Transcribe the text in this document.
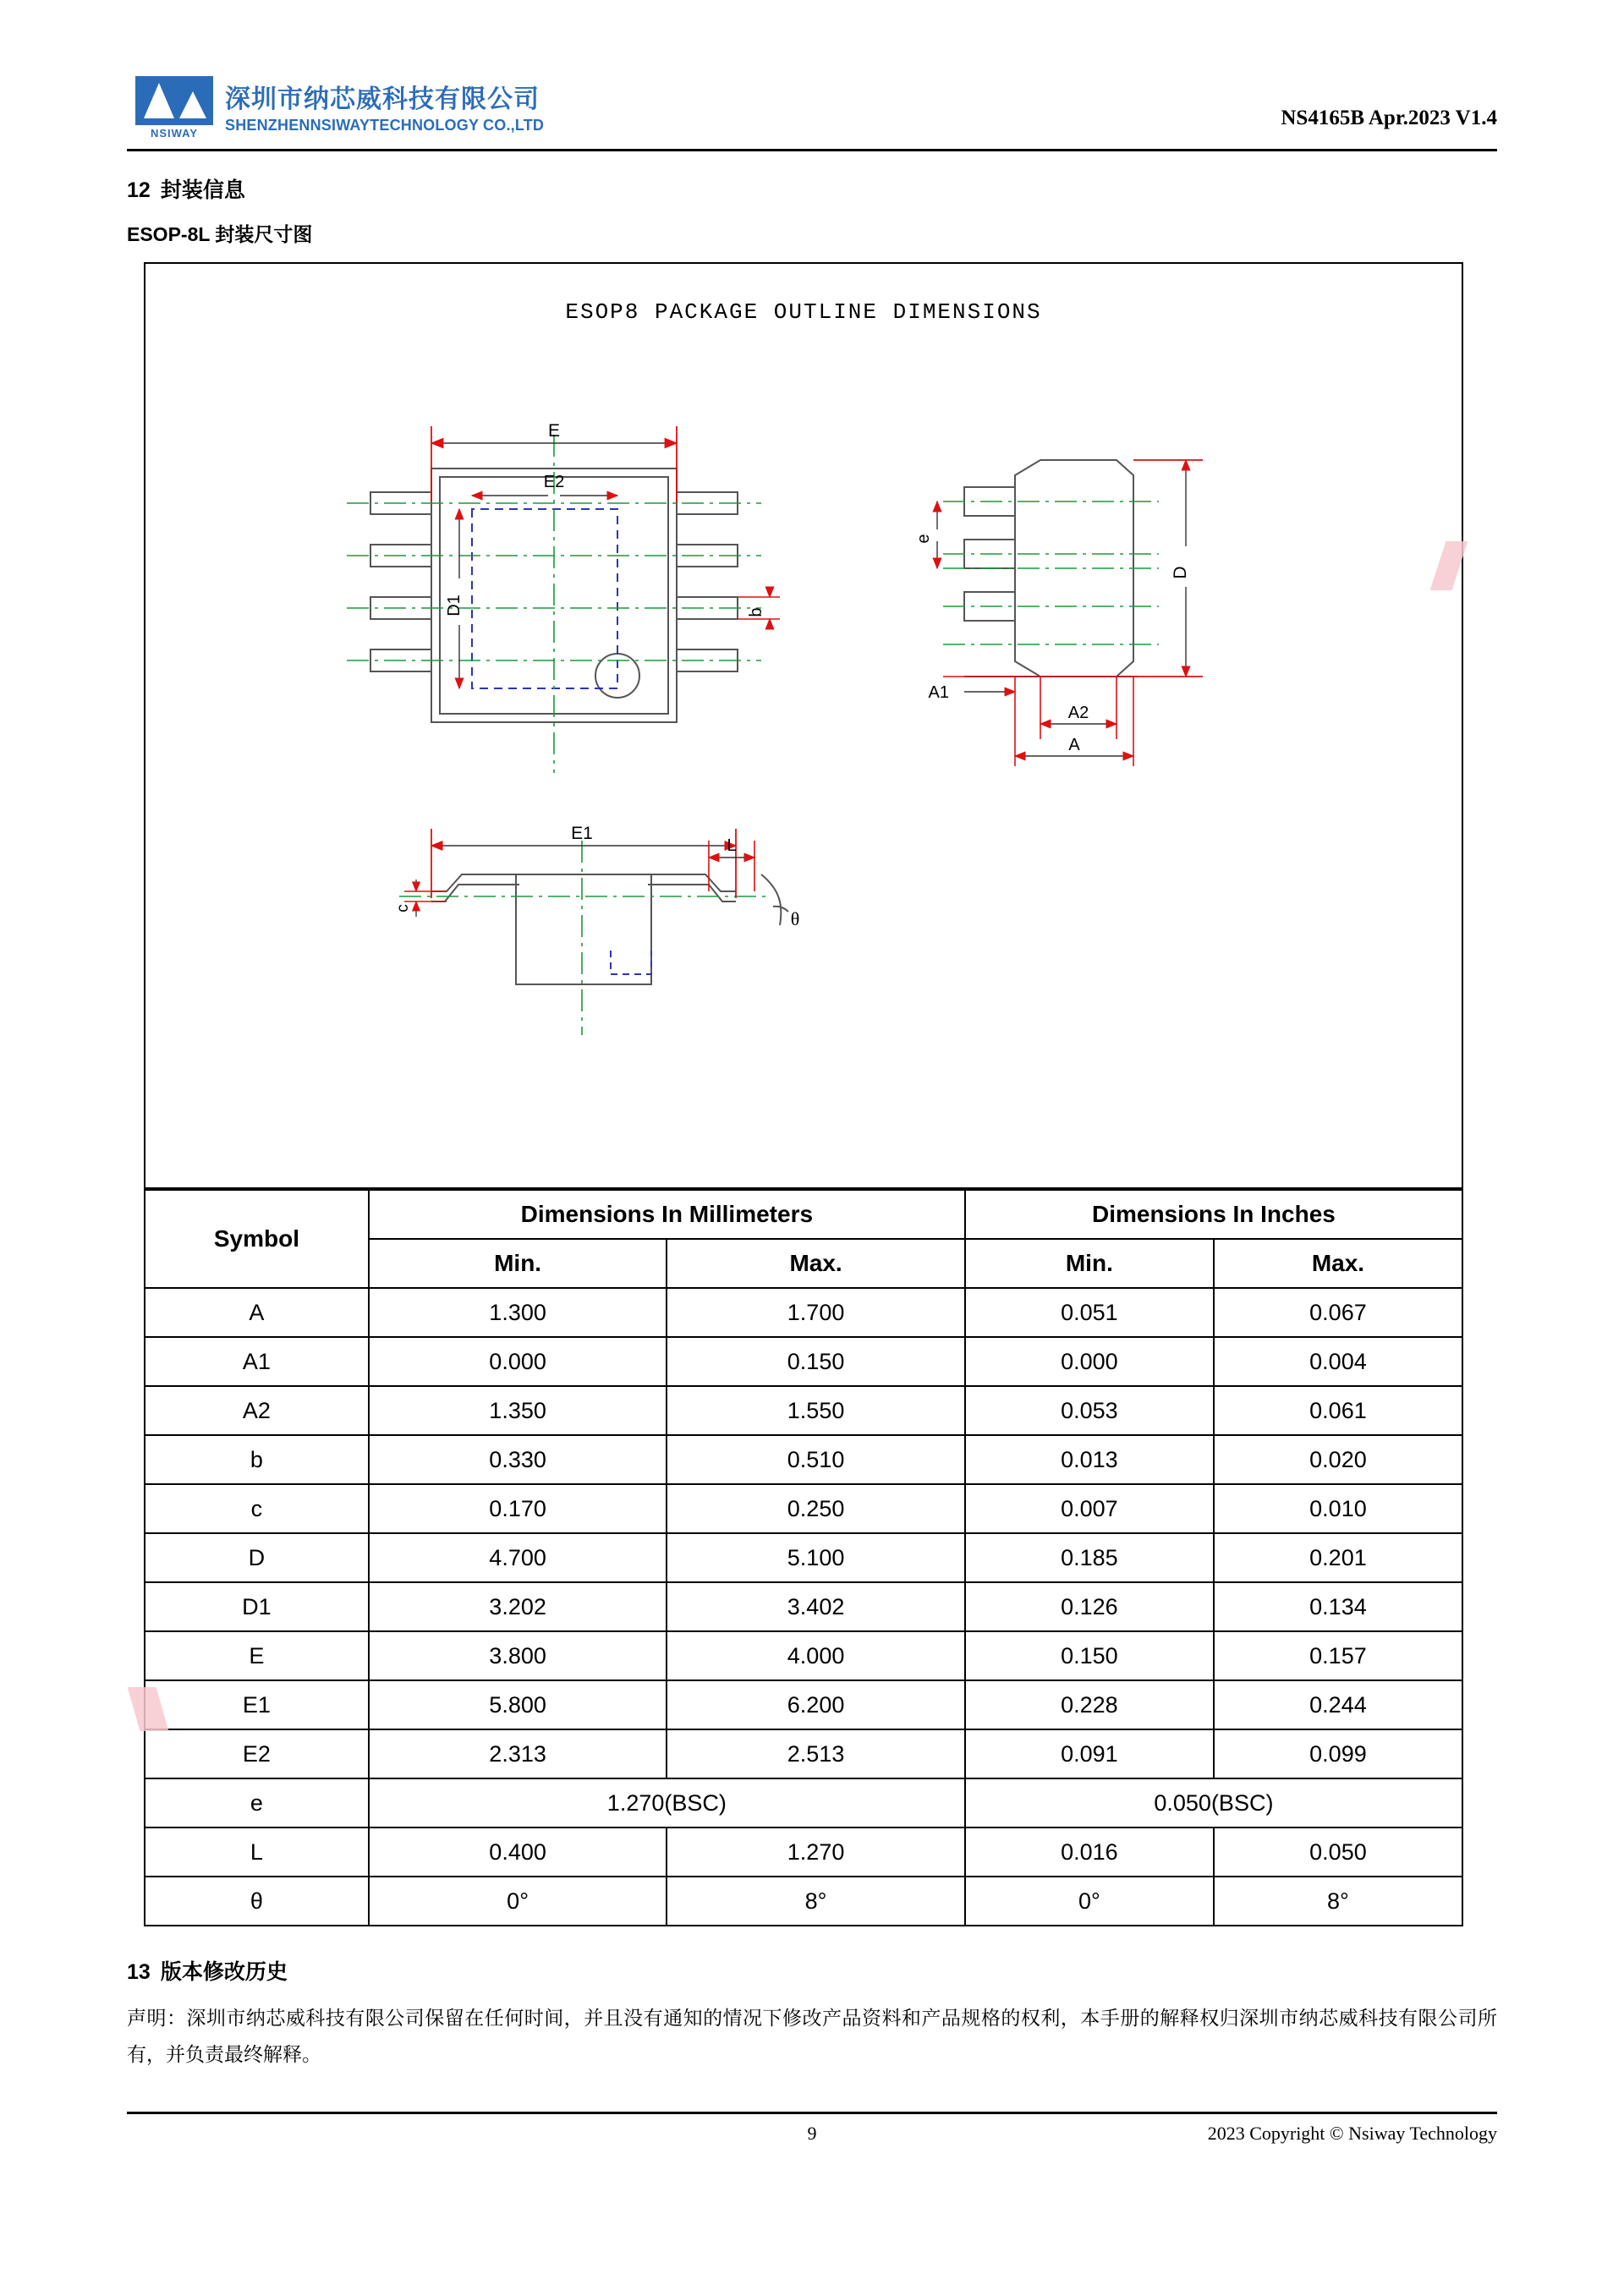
NSIWAY
深圳市纳芯威科技有限公司
SHENZHENNSIWAYTECHNOLOGY CO.,LTD	NS4165B Apr.2023 V1.4
12 封装信息
ESOP-8L 封装尺寸图
ESOP8 PACKAGE OUTLINE DIMENSIONS
E
E2
D1	b
e
D
A1
A2
A
E1
L
c	θ
Symbol	Dimensions In Millimeters		Dimensions In Inches	
	Min.	Max.	Min.	Max.
A	1.300	1.700	0.051	0.067
A1	0.000	0.150	0.000	0.004
A2	1.350	1.550	0.053	0.061
b	0.330	0.510	0.013	0.020
c	0.170	0.250	0.007	0.010
D	4.700	5.100	0.185	0.201
D1	3.202	3.402	0.126	0.134
E	3.800	4.000	0.150	0.157
E1	5.800	6.200	0.228	0.244
E2	2.313	2.513	0.091	0.099
e	1.270(BSC)		0.050(BSC)	
L	0.400	1.270	0.016	0.050
θ	0°	8°	0°	8°
13 版本修改历史

声明：深圳市纳芯威科技有限公司保留在任何时间，并且没有通知的情况下修改产品资料和产品规格的权利，本手册的解释权归深圳市纳芯威科技有限公司所有，并负责最终解释。

9	2023 Copyright © Nsiway Technology
